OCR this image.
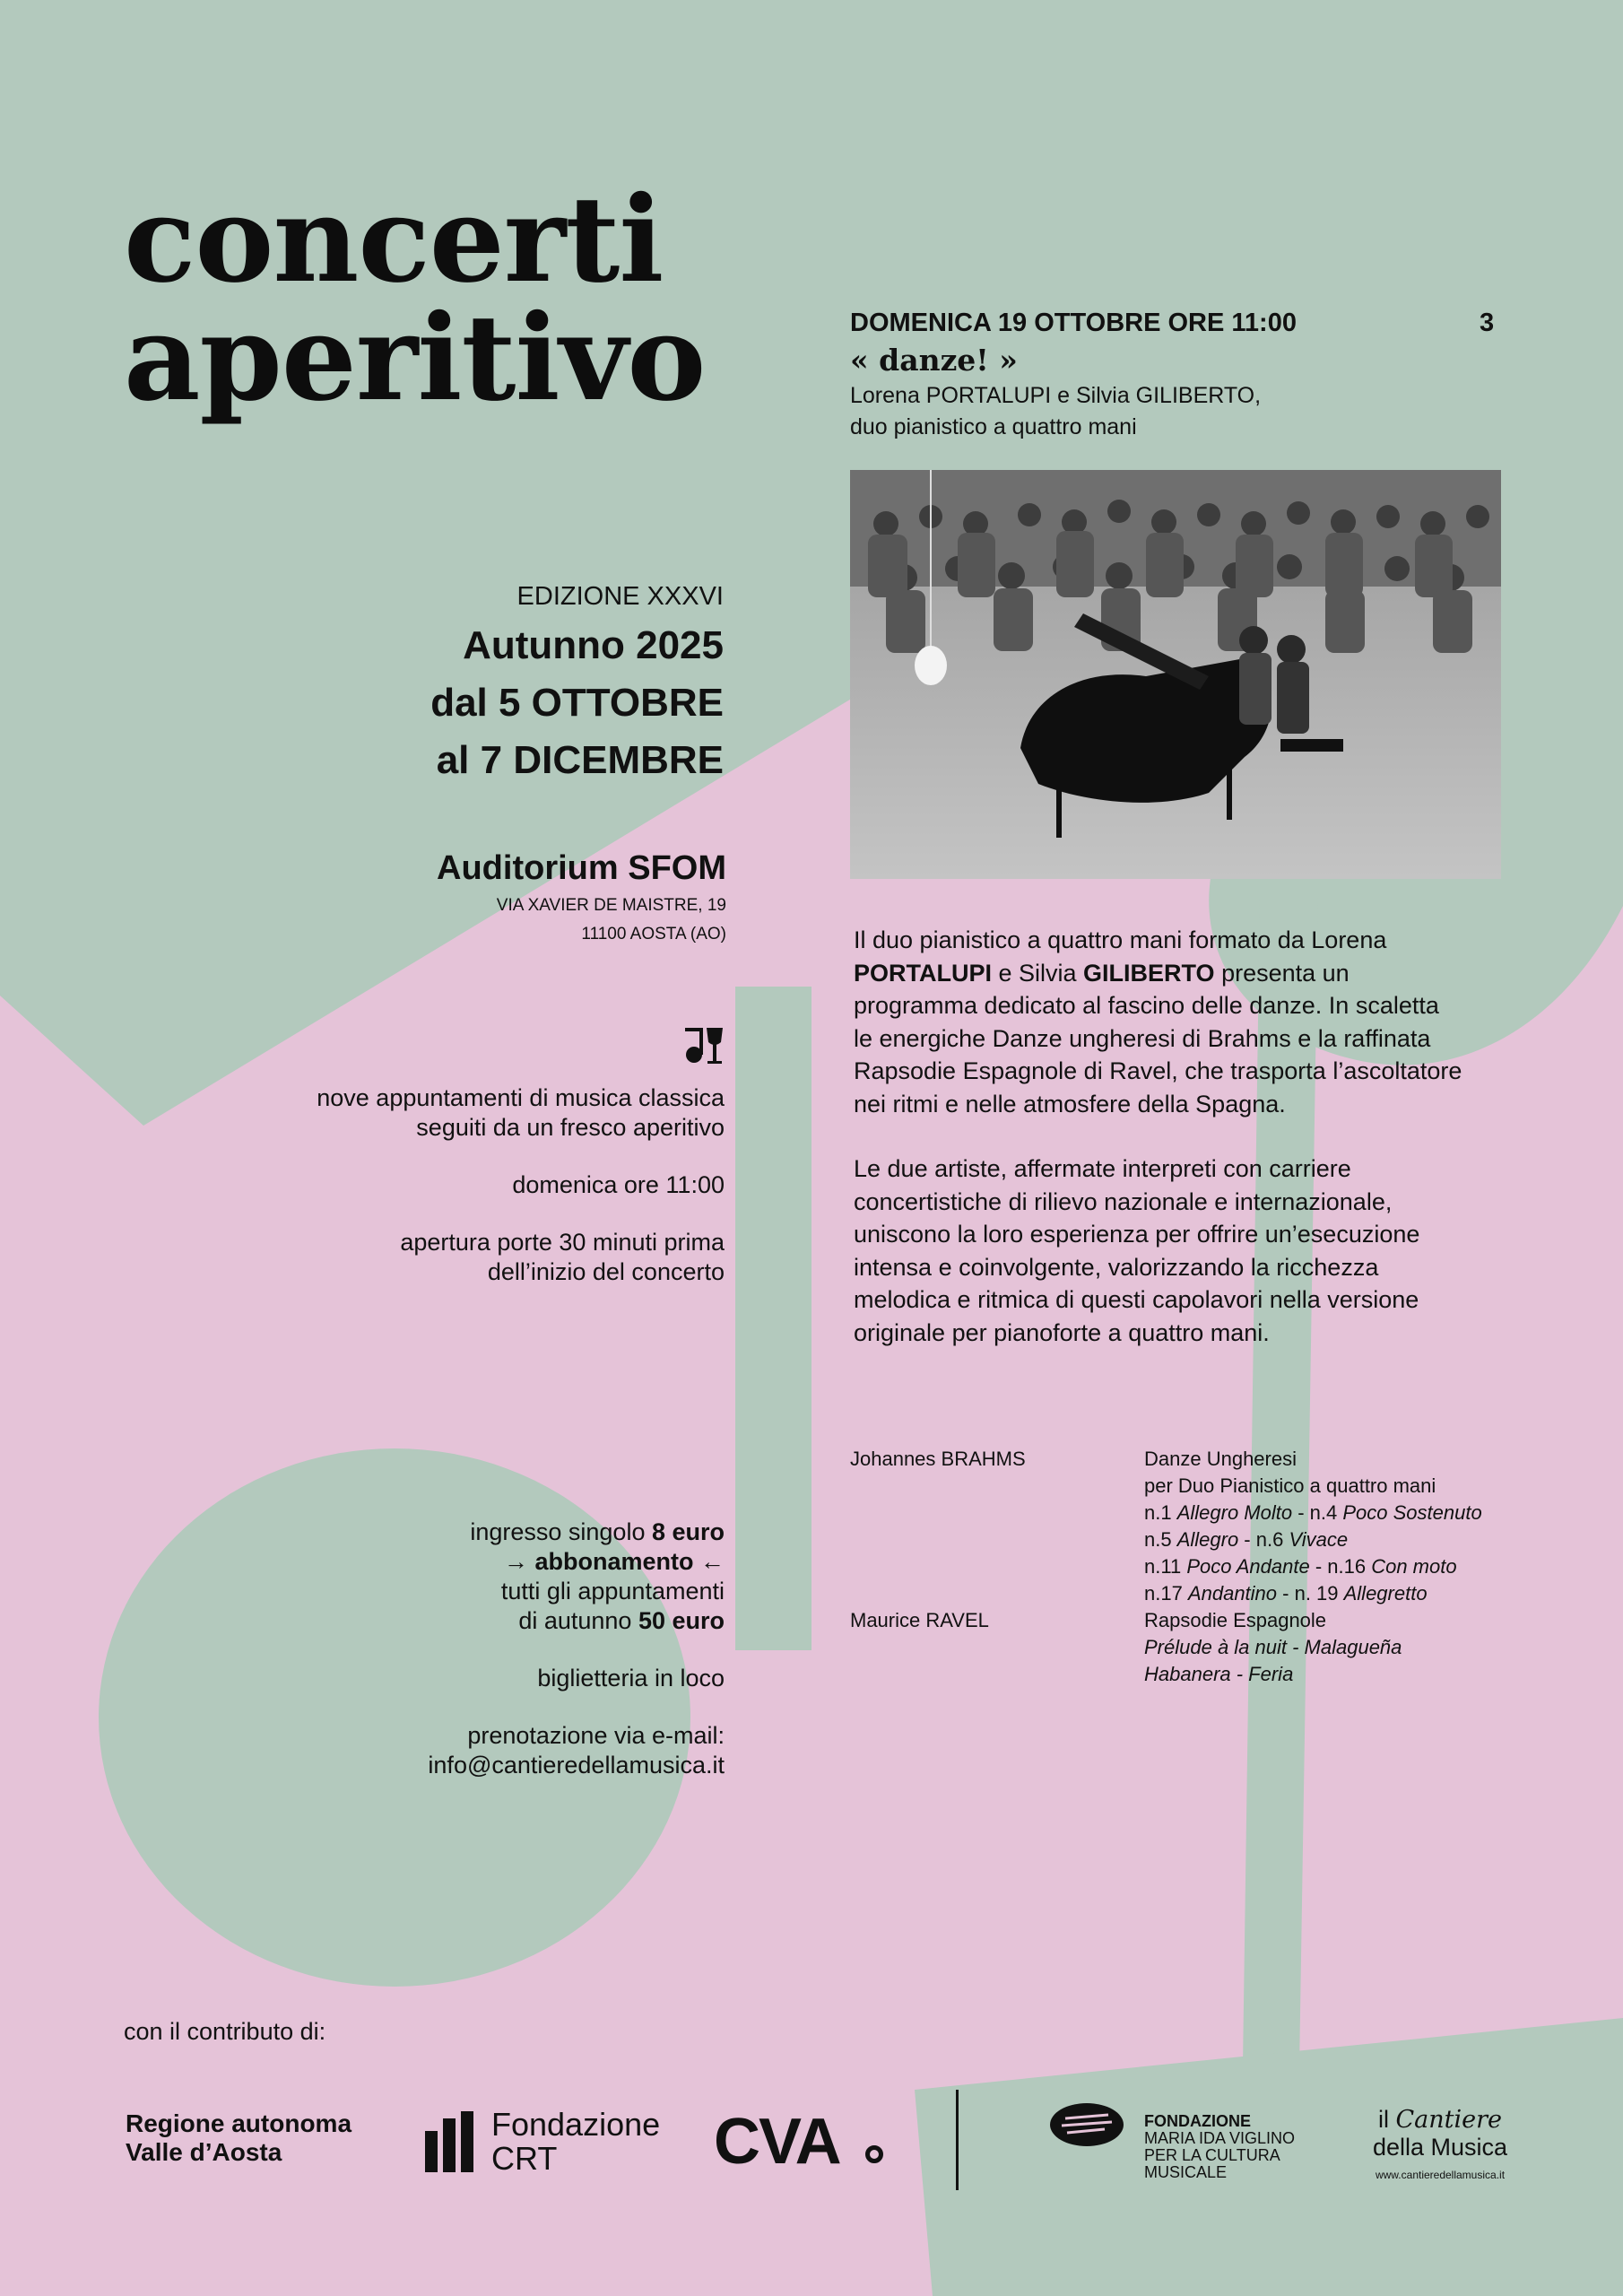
concerti
aperitivo
EDIZIONE XXXVI
Autunno 2025
dal 5 OTTOBRE
al 7 DICEMBRE
Auditorium SFOM
VIA XAVIER DE MAISTRE, 19
11100 AOSTA (AO)
nove appuntamenti di musica classica
seguiti da un fresco aperitivo
domenica ore 11:00
apertura porte 30 minuti prima
dell’inizio del concerto
ingresso singolo 8 euro
→ abbonamento ←
tutti gli appuntamenti
di autunno 50 euro
biglietteria in loco
prenotazione via e-mail:
info@cantieredellamusica.it
DOMENICA 19 OTTOBRE ORE 11:00	3
« danze! »
Lorena PORTALUPI e Silvia GILIBERTO,
duo pianistico a quattro mani
Il duo pianistico a quattro mani formato da Lorena
PORTALUPI e Silvia GILIBERTO presenta un
programma dedicato al fascino delle danze. In scaletta
le energiche Danze ungheresi di Brahms e la raffinata
Rapsodie Espagnole di Ravel, che trasporta l’ascoltatore
nei ritmi e nelle atmosfere della Spagna.
Le due artiste, affermate interpreti con carriere
concertistiche di rilievo nazionale e internazionale,
uniscono la loro esperienza per offrire un’esecuzione
intensa e coinvolgente, valorizzando la ricchezza
melodica e ritmica di questi capolavori nella versione
originale per pianoforte a quattro mani.
Johannes BRAHMS	Danze Ungheresi
per Duo Pianistico a quattro mani
n.1 Allegro Molto - n.4 Poco Sostenuto
n.5 Allegro - n.6 Vivace
n.11 Poco Andante - n.16 Con moto
n.17 Andantino - n. 19 Allegretto
Maurice RAVEL	Rapsodie Espagnole
Prélude à la nuit - Malagueña
Habanera - Feria
con il contributo di:
Regione autonoma
Valle d’Aosta
Fondazione
CRT	CVA	FONDAZIONE
MARIA IDA VIGLINO
PER LA CULTURA
MUSICALE
il Cantiere
della Musica
www.cantieredellamusica.it
